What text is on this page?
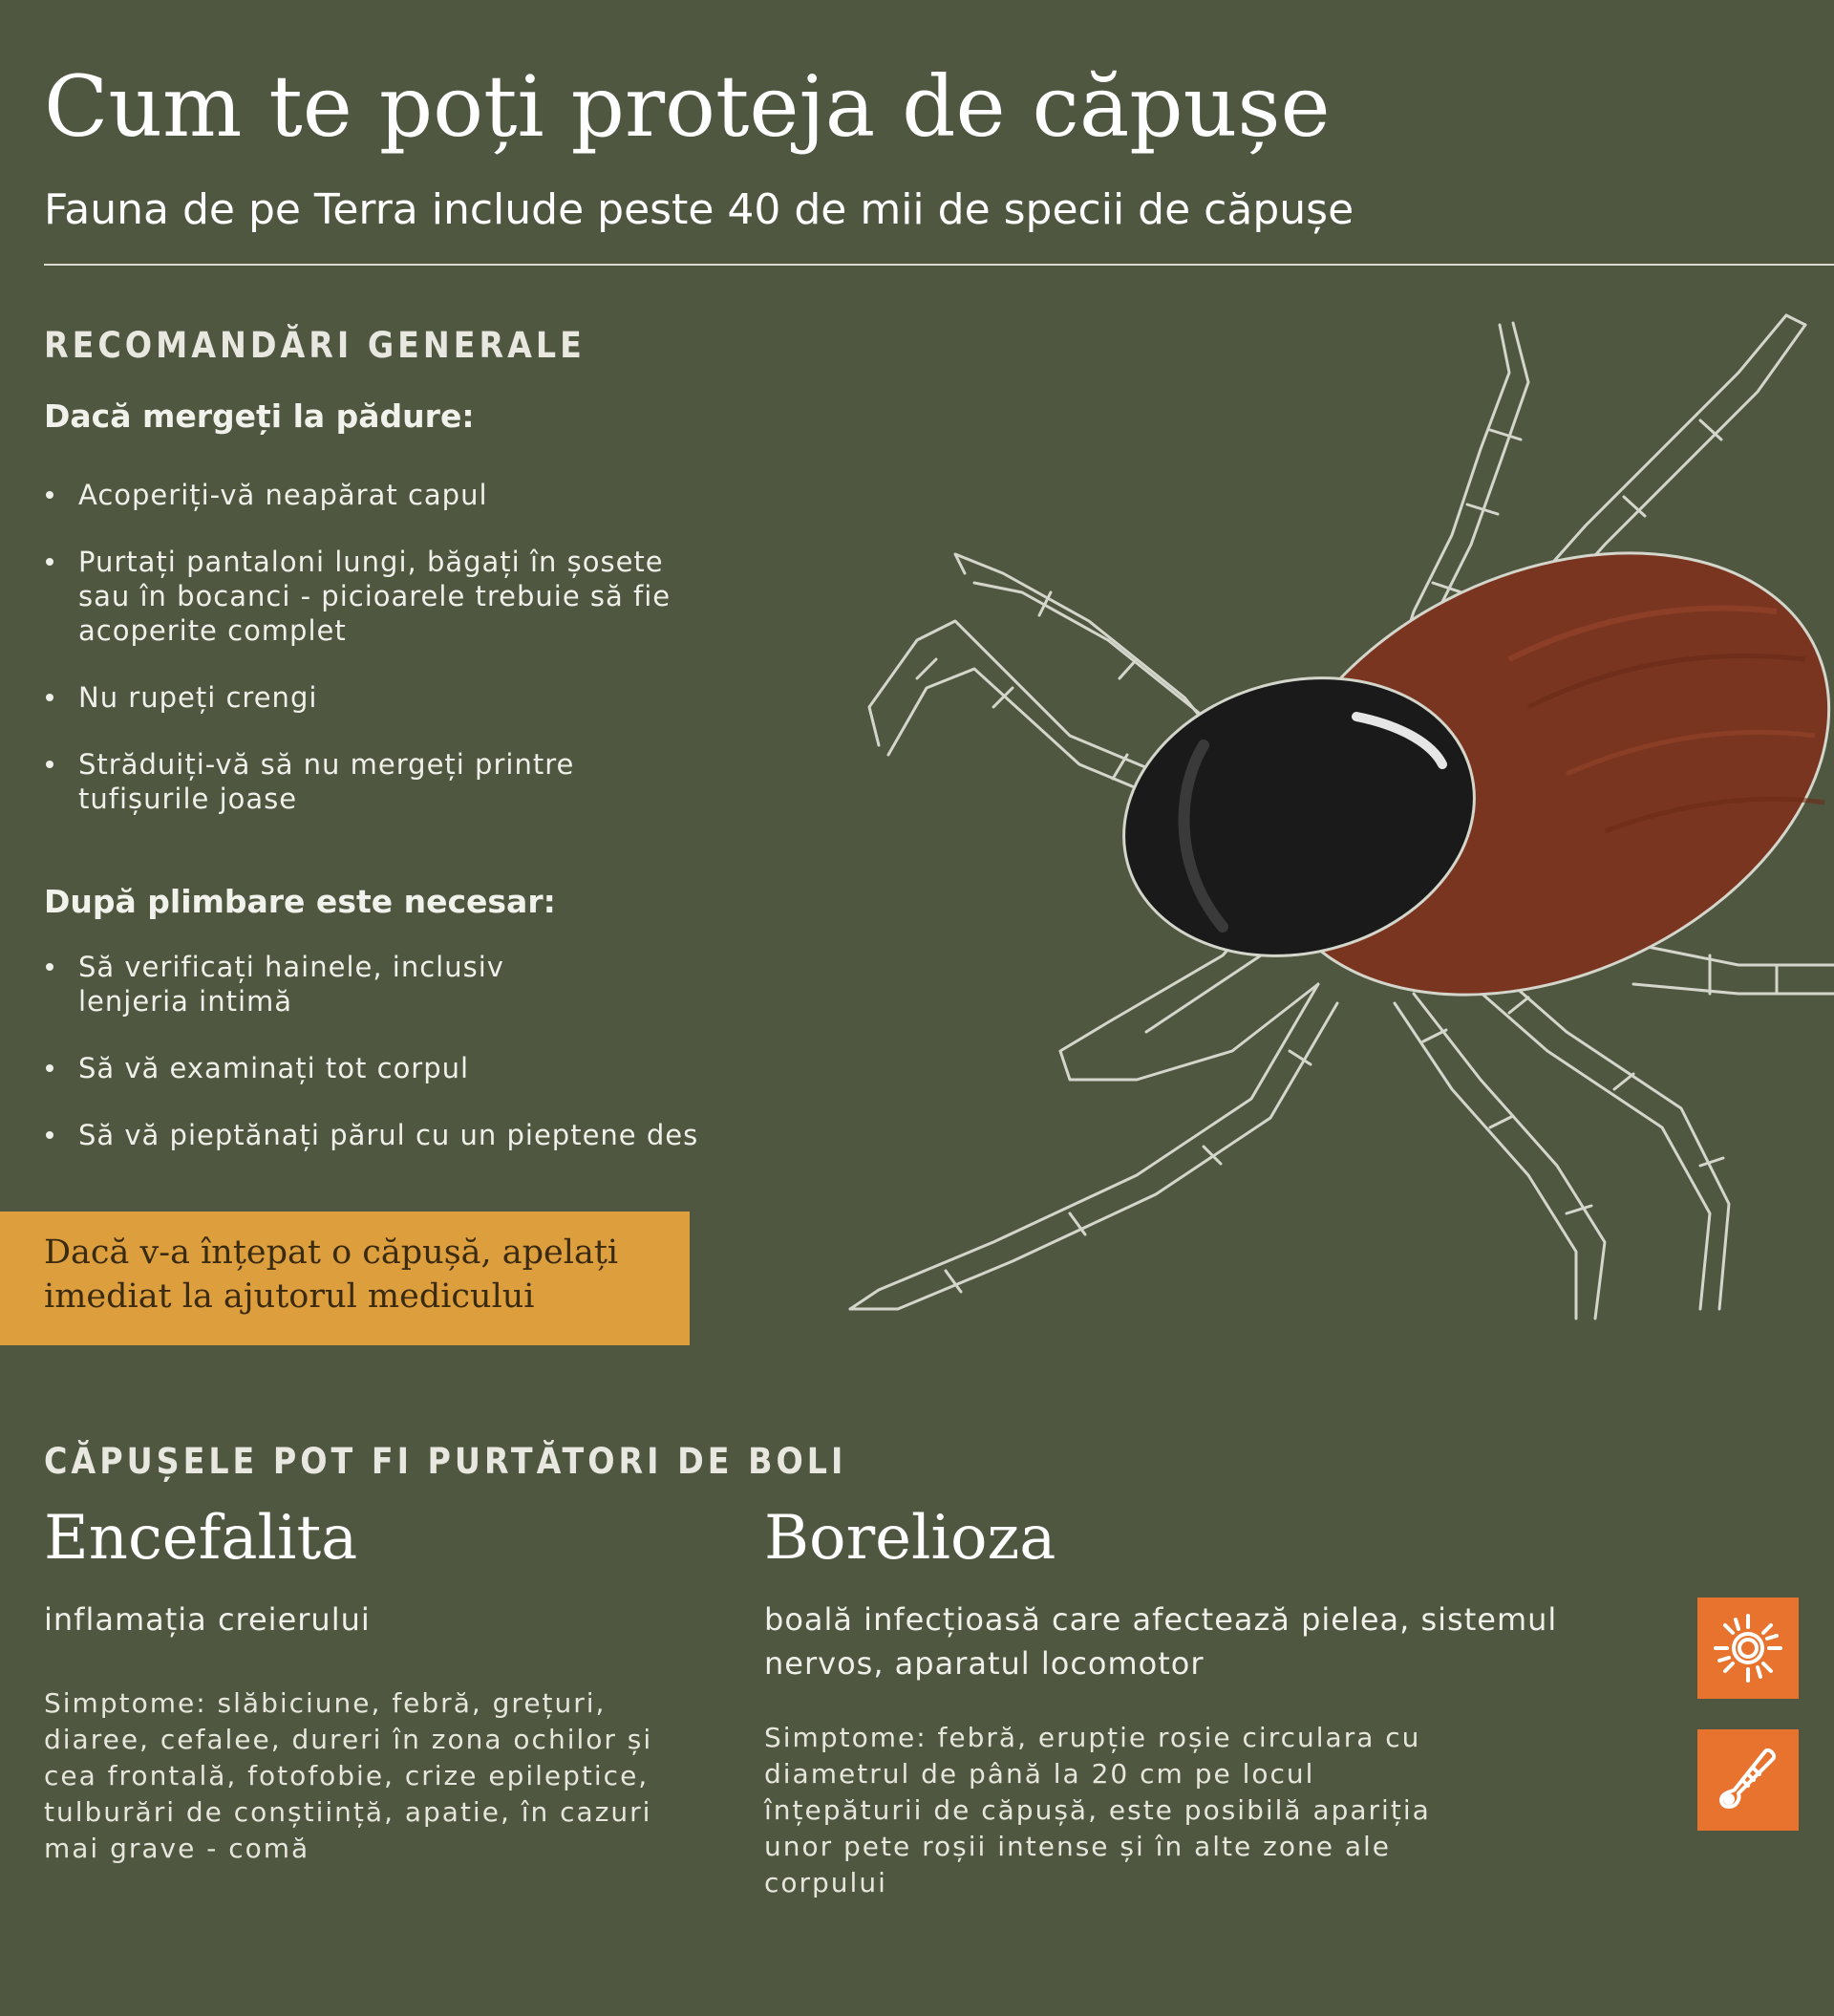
Cum te poți proteja de căpușe
Fauna de pe Terra include peste 40 de mii de specii de căpușe
RECOMANDĂRI GENERALE
Dacă mergeți la pădure:
Acoperiți-vă neapărat capul
Purtați pantaloni lungi, băgați în șosete sau în bocanci - picioarele trebuie să fie acoperite complet
Nu rupeți crengi
Străduiți-vă să nu mergeți printre tufișurile joase
După plimbare este necesar:
Să verificați hainele, inclusiv lenjeria intimă
Să vă examinați tot corpul
Să vă pieptănați părul cu un pieptene des
Dacă v-a înțepat o căpușă, apelați imediat la ajutorul medicului
CĂPUȘELE POT FI PURTĂTORI DE BOLI
Encefalita
inflamația creierului
Simptome: slăbiciune, febră, grețuri, diaree, cefalee, dureri în zona ochilor și cea frontală, fotofobie, crize epileptice, tulburări de conștiință, apatie, în cazuri mai grave - comă
Borelioza
boală infecțioasă care afectează pielea, sistemul nervos, aparatul locomotor
Simptome: febră, erupție roșie circulara cu diametrul de până la 20 cm pe locul înțepăturii de căpușă, este posibilă apariția unor pete roșii intense și în alte zone ale corpului
